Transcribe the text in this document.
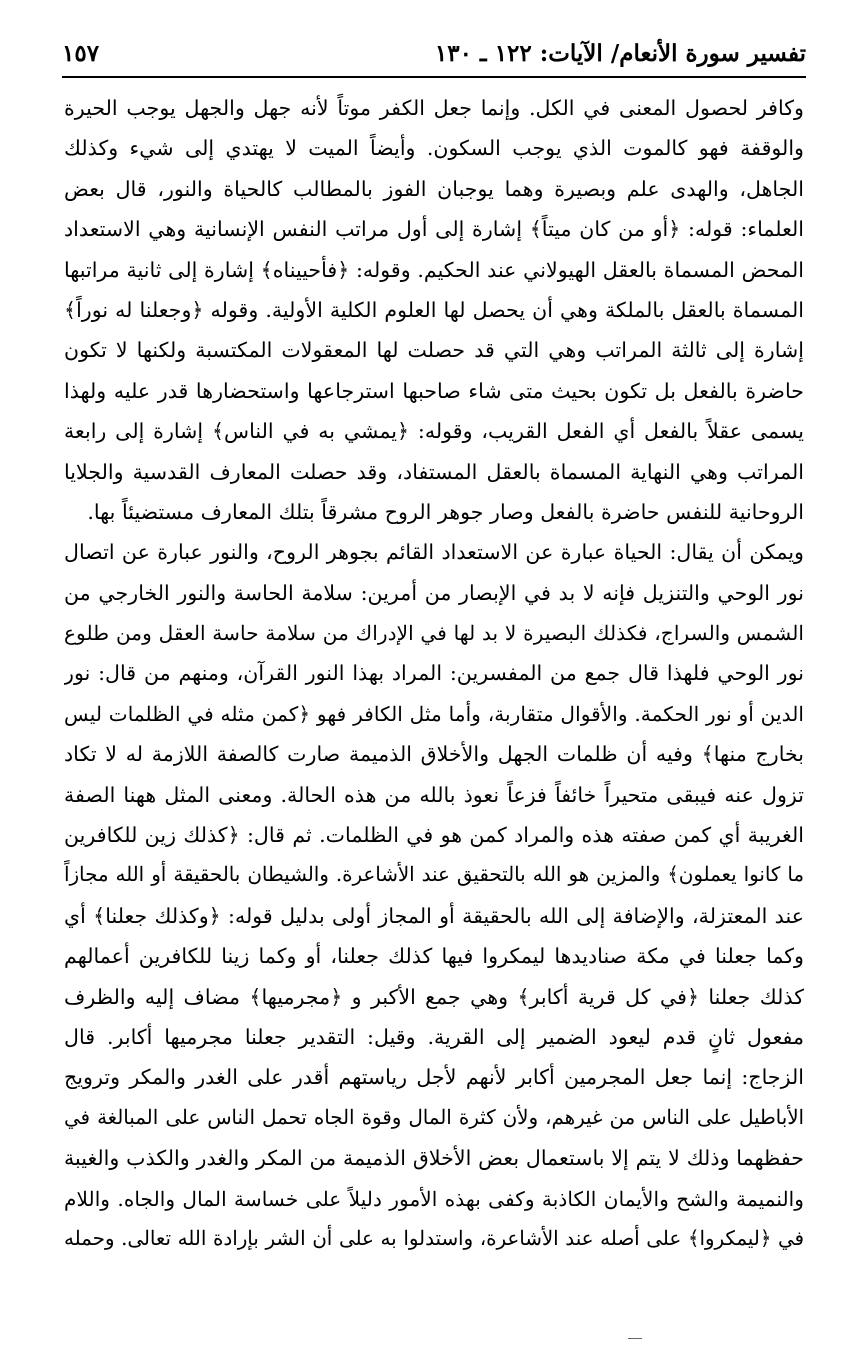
تفسير سورة الأنعام/ الآيات: ١٢٢ ـ ١٣٠
١٥٧
وكافر لحصول المعنى في الكل. وإنما جعل الكفر موتاً لأنه جهل والجهل يوجب الحيرة
والوقفة فهو كالموت الذي يوجب السكون. وأيضاً الميت لا يهتدي إلى شيء وكذلك
الجاهل، والهدى علم وبصيرة وهما يوجبان الفوز بالمطالب كالحياة والنور، قال بعض
العلماء: قوله: ﴿أو من كان ميتاً﴾ إشارة إلى أول مراتب النفس الإنسانية وهي الاستعداد
المحض المسماة بالعقل الهيولاني عند الحكيم. وقوله: ﴿فأحييناه﴾ إشارة إلى ثانية مراتبها
المسماة بالعقل بالملكة وهي أن يحصل لها العلوم الكلية الأولية. وقوله ﴿وجعلنا له نوراً﴾
إشارة إلى ثالثة المراتب وهي التي قد حصلت لها المعقولات المكتسبة ولكنها لا تكون
حاضرة بالفعل بل تكون بحيث متى شاء صاحبها استرجاعها واستحضارها قدر عليه ولهذا
يسمى عقلاً بالفعل أي الفعل القريب، وقوله: ﴿يمشي به في الناس﴾ إشارة إلى رابعة
المراتب وهي النهاية المسماة بالعقل المستفاد، وقد حصلت المعارف القدسية والجلايا
الروحانية للنفس حاضرة بالفعل وصار جوهر الروح مشرقاً بتلك المعارف مستضيئاً بها.
ويمكن أن يقال: الحياة عبارة عن الاستعداد القائم بجوهر الروح، والنور عبارة عن اتصال
نور الوحي والتنزيل فإنه لا بد في الإبصار من أمرين: سلامة الحاسة والنور الخارجي من
الشمس والسراج، فكذلك البصيرة لا بد لها في الإدراك من سلامة حاسة العقل ومن طلوع
نور الوحي فلهذا قال جمع من المفسرين: المراد بهذا النور القرآن، ومنهم من قال: نور
الدين أو نور الحكمة. والأقوال متقاربة، وأما مثل الكافر فهو ﴿كمن مثله في الظلمات ليس
بخارج منها﴾ وفيه أن ظلمات الجهل والأخلاق الذميمة صارت كالصفة اللازمة له لا تكاد
تزول عنه فيبقى متحيراً خائفاً فزعاً نعوذ بالله من هذه الحالة. ومعنى المثل ههنا الصفة
الغريبة أي كمن صفته هذه والمراد كمن هو في الظلمات. ثم قال: ﴿كذلك زين للكافرين
ما كانوا يعملون﴾ والمزين هو الله بالتحقيق عند الأشاعرة. والشيطان بالحقيقة أو الله مجازاً
عند المعتزلة، والإضافة إلى الله بالحقيقة أو المجاز أولى بدليل قوله: ﴿وكذلك جعلنا﴾ أي
وكما جعلنا في مكة صناديدها ليمكروا فيها كذلك جعلنا، أو وكما زينا للكافرين أعمالهم
كذلك جعلنا ﴿في كل قرية أكابر﴾ وهي جمع الأكبر و ﴿مجرميها﴾ مضاف إليه والظرف
مفعول ثانٍ قدم ليعود الضمير إلى القرية. وقيل: التقدير جعلنا مجرميها أكابر. قال
الزجاج: إنما جعل المجرمين أكابر لأنهم لأجل رياستهم أقدر على الغدر والمكر وترويج
الأباطيل على الناس من غيرهم، ولأن كثرة المال وقوة الجاه تحمل الناس على المبالغة في
حفظهما وذلك لا يتم إلا باستعمال بعض الأخلاق الذميمة من المكر والغدر والكذب والغيبة
والنميمة والشح والأيمان الكاذبة وكفى بهذه الأمور دليلاً على خساسة المال والجاه. واللام
في ﴿ليمكروا﴾ على أصله عند الأشاعرة، واستدلوا به على أن الشر بإرادة الله تعالى. وحمله
